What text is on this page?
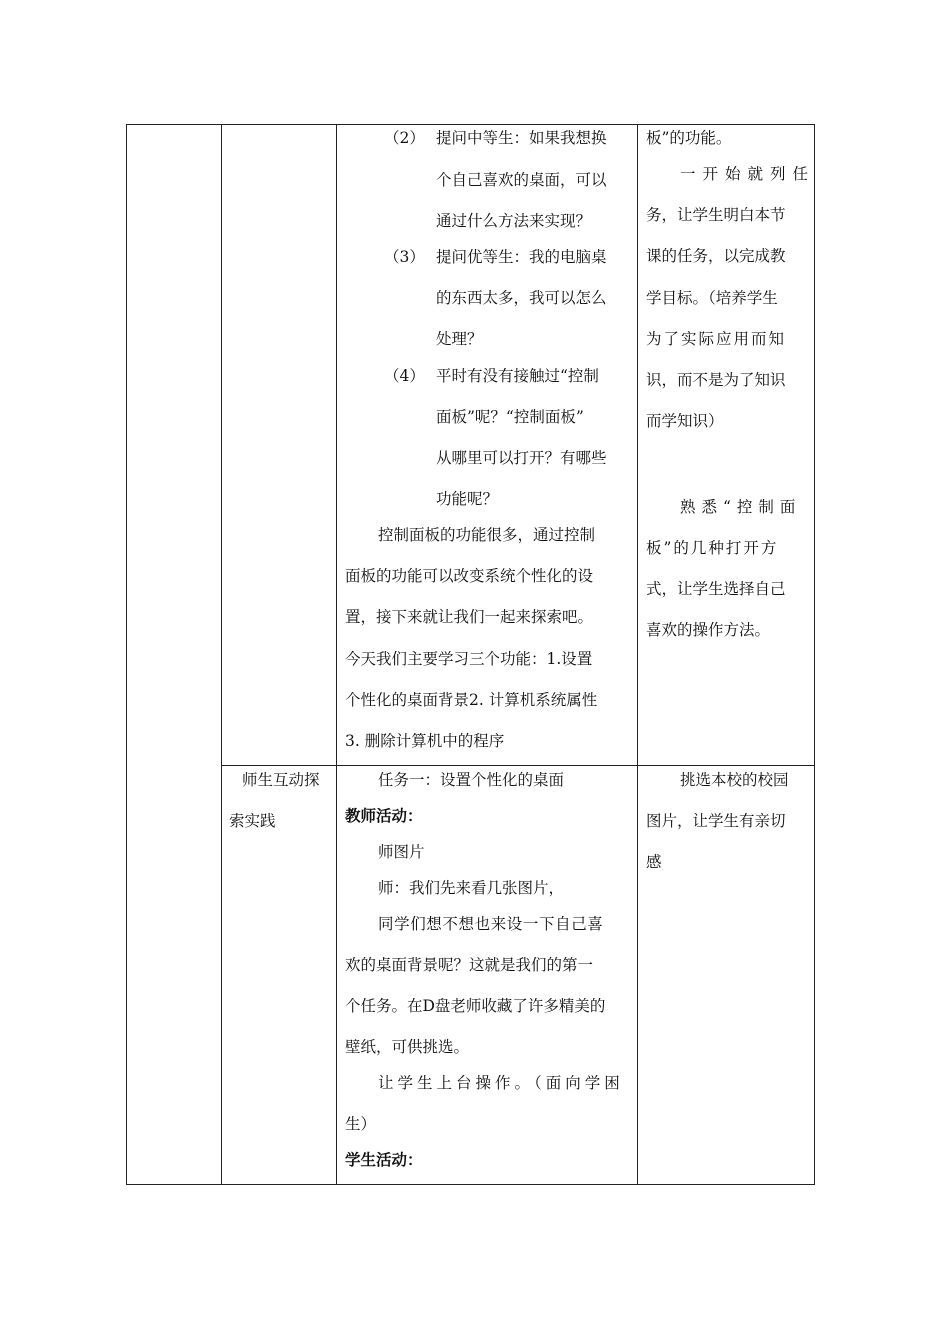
（2） 提问中等生：如果我想换
个自己喜欢的桌面，可以
通过什么方法来实现？
（3） 提问优等生：我的电脑桌
的东西太多，我可以怎么
处理？
（4） 平时有没有接触过“控制
面板”呢？“控制面板”
从哪里可以打开？有哪些
功能呢？
控制面板的功能很多，通过控制
面板的功能可以改变系统个性化的设
置，接下来就让我们一起来探索吧。
今天我们主要学习三个功能：1.设置
个性化的桌面背景2. 计算机系统属性
3. 删除计算机中的程序
板”的功能。
一开始就列任
务，让学生明白本节
课的任务，以完成教
学目标。（培养学生
为了实际应用而知
识，而不是为了知识
而学知识）
熟悉“控制面
板”的几种打开方
式，让学生选择自己
喜欢的操作方法。
师生互动探
索实践
任务一：设置个性化的桌面
教师活动：
师图片
师：我们先来看几张图片，
同学们想不想也来设一下自己喜
欢的桌面背景呢？这就是我们的第一
个任务。在D盘老师收藏了许多精美的
壁纸，可供挑选。
让学生上台操作。（面向学困
生）
学生活动：
挑选本校的校园
图片，让学生有亲切
感
